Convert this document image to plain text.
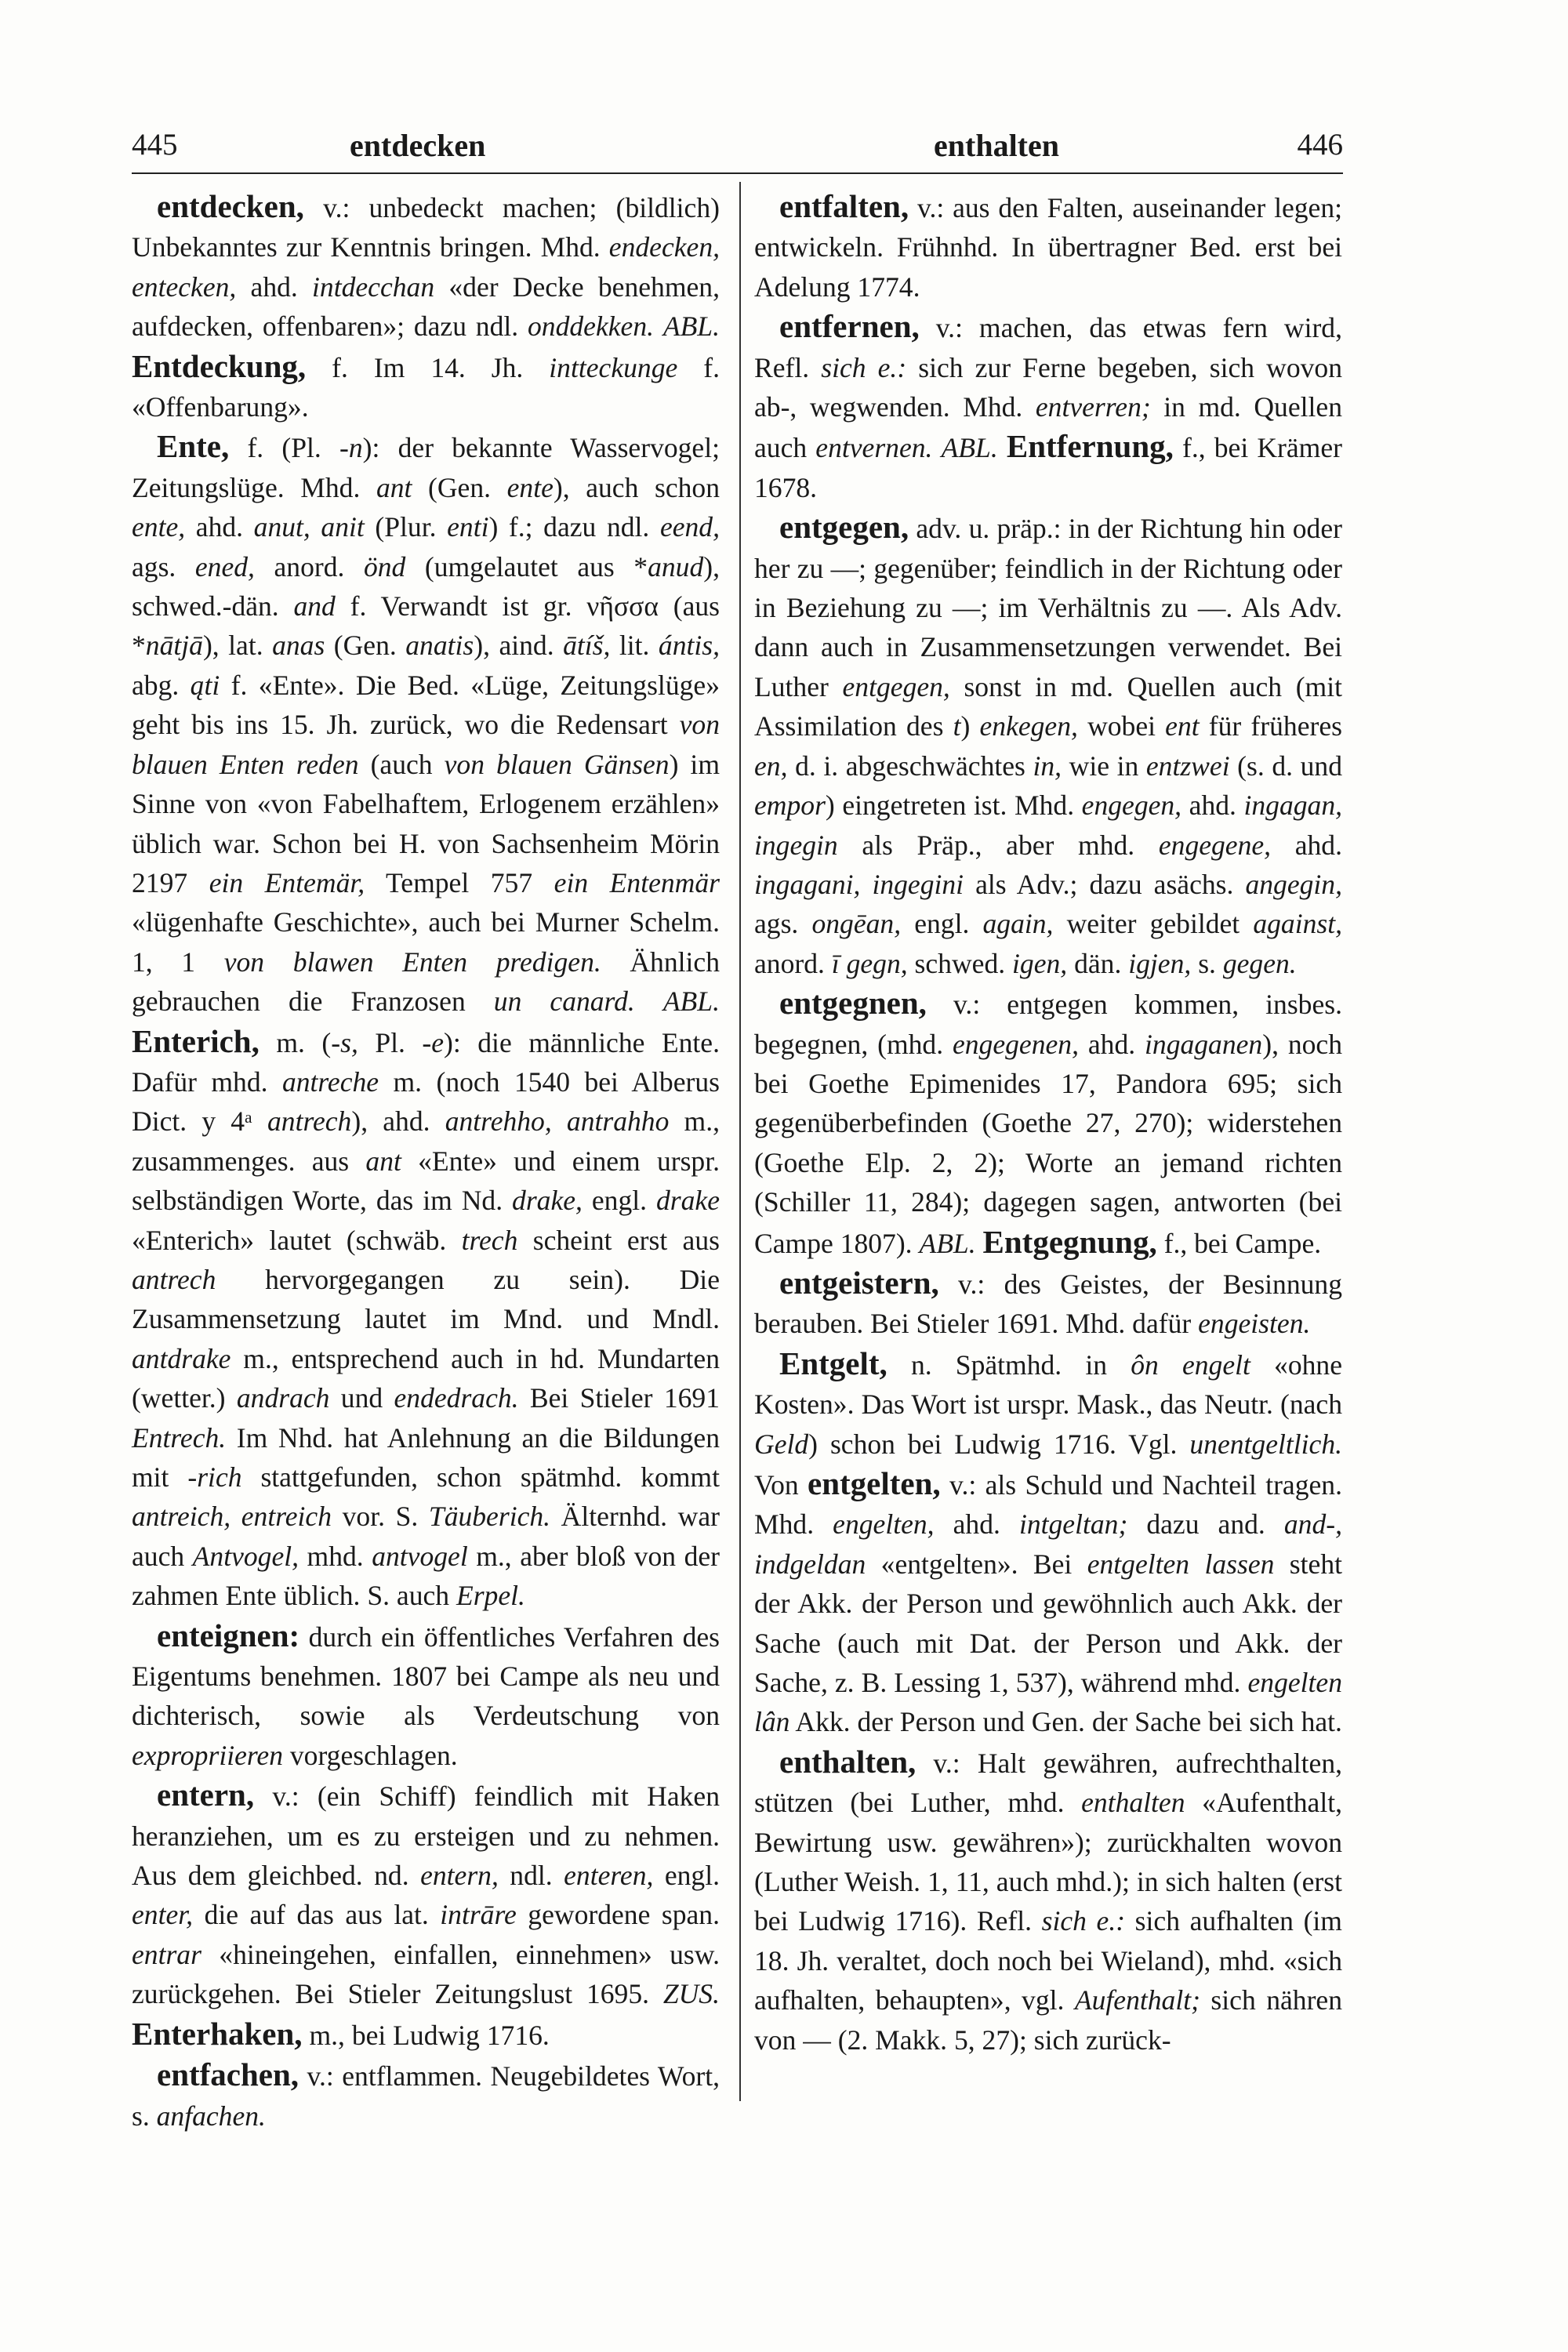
445	entdecken	enthalten	446

entdecken, v.: unbedeckt machen; (bildlich) Unbekanntes zur Kenntnis bringen. Mhd. endecken, entecken, ahd. intdecchan «der Decke benehmen, aufdecken, offenbaren»; dazu ndl. onddekken. ABL. Entdeckung, f. Im 14. Jh. intteckunge f. «Offenbarung».

Ente, f. (Pl. -n): der bekannte Wasservogel; Zeitungslüge. Mhd. ant (Gen. ente), auch schon ente, ahd. anut, anit (Plur. enti) f.; dazu ndl. eend, ags. ened, anord. önd (umgelautet aus *anud), schwed.-dän. and f. Verwandt ist gr. νῆσσα (aus *nātjā), lat. anas (Gen. anatis), aind. ātíš, lit. ántis, abg. ąti f. «Ente». Die Bed. «Lüge, Zeitungslüge» geht bis ins 15. Jh. zurück, wo die Redensart von blauen Enten reden (auch von blauen Gänsen) im Sinne von «von Fabelhaftem, Erlogenem erzählen» üblich war. Schon bei H. von Sachsenheim Mörin 2197 ein Entemär, Tempel 757 ein Entenmär «lügenhafte Geschichte», auch bei Murner Schelm. 1, 1 von blawen Enten predigen. Ähnlich gebrauchen die Franzosen un canard. ABL. Enterich, m. (-s, Pl. -e): die männliche Ente. Dafür mhd. antreche m. (noch 1540 bei Alberus Dict. y 4ᵃ antrech), ahd. antrehho, antrahho m., zusammenges. aus ant «Ente» und einem urspr. selbständigen Worte, das im Nd. drake, engl. drake «Enterich» lautet (schwäb. trech scheint erst aus antrech hervorgegangen zu sein). Die Zusammensetzung lautet im Mnd. und Mndl. antdrake m., entsprechend auch in hd. Mundarten (wetter.) andrach und endedrach. Bei Stieler 1691 Entrech. Im Nhd. hat Anlehnung an die Bildungen mit -rich stattgefunden, schon spätmhd. kommt antreich, entreich vor. S. Täuberich. Älternhd. war auch Antvogel, mhd. antvogel m., aber bloß von der zahmen Ente üblich. S. auch Erpel.

enteignen: durch ein öffentliches Verfahren des Eigentums benehmen. 1807 bei Campe als neu und dichterisch, sowie als Verdeutschung von expropriieren vorgeschlagen.

entern, v.: (ein Schiff) feindlich mit Haken heranziehen, um es zu ersteigen und zu nehmen. Aus dem gleichbed. nd. entern, ndl. enteren, engl. enter, die auf das aus lat. intrāre gewordene span. entrar «hineingehen, einfallen, einnehmen» usw. zurückgehen. Bei Stieler Zeitungslust 1695. ZUS. Enterhaken, m., bei Ludwig 1716.

entfachen, v.: entflammen. Neugebildetes Wort, s. anfachen.

entfalten, v.: aus den Falten, auseinander legen; entwickeln. Frühnhd. In übertragner Bed. erst bei Adelung 1774.

entfernen, v.: machen, das etwas fern wird, Refl. sich e.: sich zur Ferne begeben, sich wovon ab-, wegwenden. Mhd. entverren; in md. Quellen auch entvernen. ABL. Entfernung, f., bei Krämer 1678.

entgegen, adv. u. präp.: in der Richtung hin oder her zu —; gegenüber; feindlich in der Richtung oder in Beziehung zu —; im Verhältnis zu —. Als Adv. dann auch in Zusammensetzungen verwendet. Bei Luther entgegen, sonst in md. Quellen auch (mit Assimilation des t) enkegen, wobei ent für früheres en, d. i. abgeschwächtes in, wie in entzwei (s. d. und empor) eingetreten ist. Mhd. engegen, ahd. ingagan, ingegin als Präp., aber mhd. engegene, ahd. ingagani, ingegini als Adv.; dazu asächs. angegin, ags. ongēan, engl. again, weiter gebildet against, anord. ī gegn, schwed. igen, dän. igjen, s. gegen.

entgegnen, v.: entgegen kommen, insbes. begegnen, (mhd. engegenen, ahd. ingaganen), noch bei Goethe Epimenides 17, Pandora 695; sich gegenüberbefinden (Goethe 27, 270); widerstehen (Goethe Elp. 2, 2); Worte an jemand richten (Schiller 11, 284); dagegen sagen, antworten (bei Campe 1807). ABL. Entgegnung, f., bei Campe.

entgeistern, v.: des Geistes, der Besinnung berauben. Bei Stieler 1691. Mhd. dafür engeisten.

Entgelt, n. Spätmhd. in ôn engelt «ohne Kosten». Das Wort ist urspr. Mask., das Neutr. (nach Geld) schon bei Ludwig 1716. Vgl. unentgeltlich. Von entgelten, v.: als Schuld und Nachteil tragen. Mhd. engelten, ahd. intgeltan; dazu and. and-, indgeldan «entgelten». Bei entgelten lassen steht der Akk. der Person und gewöhnlich auch Akk. der Sache (auch mit Dat. der Person und Akk. der Sache, z. B. Lessing 1, 537), während mhd. engelten lân Akk. der Person und Gen. der Sache bei sich hat.

enthalten, v.: Halt gewähren, aufrechthalten, stützen (bei Luther, mhd. enthalten «Aufenthalt, Bewirtung usw. gewähren»); zurückhalten wovon (Luther Weish. 1, 11, auch mhd.); in sich halten (erst bei Ludwig 1716). Refl. sich e.: sich aufhalten (im 18. Jh. veraltet, doch noch bei Wieland), mhd. «sich aufhalten, behaupten», vgl. Aufenthalt; sich nähren von — (2. Makk. 5, 27); sich zurück-
